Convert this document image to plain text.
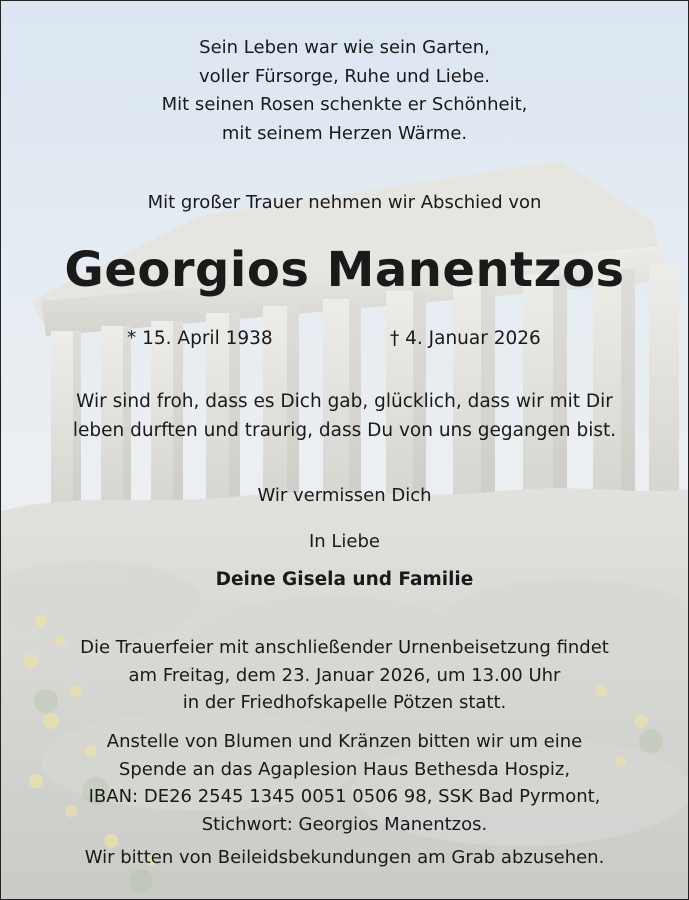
Sein Leben war wie sein Garten,
voller Fürsorge, Ruhe und Liebe.
Mit seinen Rosen schenkte er Schönheit,
mit seinem Herzen Wärme.

Mit großer Trauer nehmen wir Abschied von

Georgios Manentzos

* 15. April 1938	† 4. Januar 2026

Wir sind froh, dass es Dich gab, glücklich, dass wir mit Dir
leben durften und traurig, dass Du von uns gegangen bist.

Wir vermissen Dich

In Liebe

Deine Gisela und Familie

Die Trauerfeier mit anschließender Urnenbeisetzung findet
am Freitag, dem 23. Januar 2026, um 13.00 Uhr
in der Friedhofskapelle Pötzen statt.
Anstelle von Blumen und Kränzen bitten wir um eine
Spende an das Agaplesion Haus Bethesda Hospiz,
IBAN: DE26 2545 1345 0051 0506 98, SSK Bad Pyrmont,
Stichwort: Georgios Manentzos.

Wir bitten von Beileidsbekundungen am Grab abzusehen.
